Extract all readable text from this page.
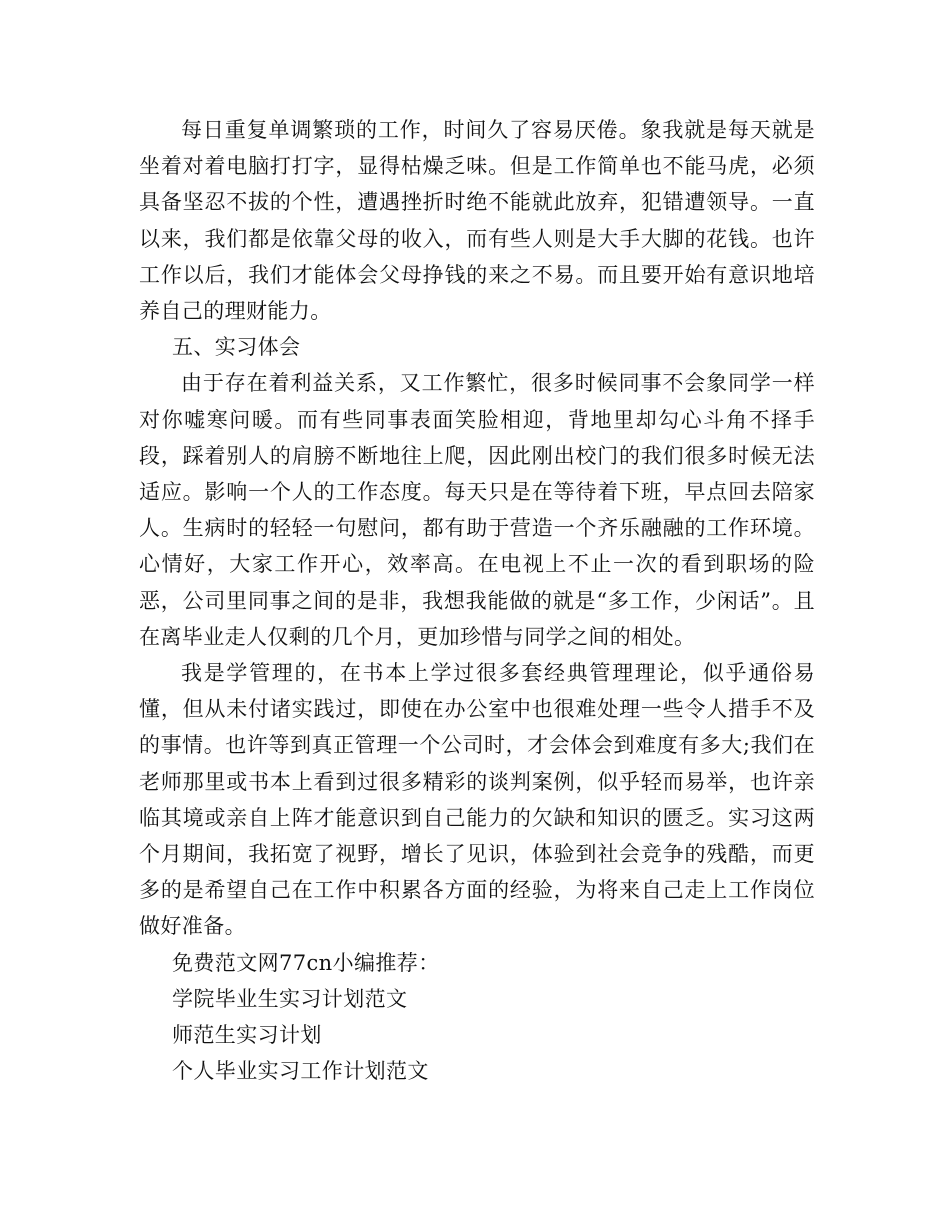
每日重复单调繁琐的工作，时间久了容易厌倦。象我就是每天就是坐着对着电脑打打字，显得枯燥乏味。但是工作简单也不能马虎，必须具备坚忍不拔的个性，遭遇挫折时绝不能就此放弃，犯错遭领导。一直以来，我们都是依靠父母的收入，而有些人则是大手大脚的花钱。也许工作以后，我们才能体会父母挣钱的来之不易。而且要开始有意识地培养自己的理财能力。

五、实习体会

由于存在着利益关系，又工作繁忙，很多时候同事不会象同学一样对你嘘寒问暖。而有些同事表面笑脸相迎，背地里却勾心斗角不择手段，踩着别人的肩膀不断地往上爬，因此刚出校门的我们很多时候无法适应。影响一个人的工作态度。每天只是在等待着下班，早点回去陪家人。生病时的轻轻一句慰问，都有助于营造一个齐乐融融的工作环境。心情好，大家工作开心，效率高。在电视上不止一次的看到职场的险恶，公司里同事之间的是非，我想我能做的就是“多工作，少闲话”。且在离毕业走人仅剩的几个月，更加珍惜与同学之间的相处。

我是学管理的，在书本上学过很多套经典管理理论，似乎通俗易懂，但从未付诸实践过，即使在办公室中也很难处理一些令人措手不及的事情。也许等到真正管理一个公司时，才会体会到难度有多大;我们在老师那里或书本上看到过很多精彩的谈判案例，似乎轻而易举，也许亲临其境或亲自上阵才能意识到自己能力的欠缺和知识的匮乏。实习这两个月期间，我拓宽了视野，增长了见识，体验到社会竞争的残酷，而更多的是希望自己在工作中积累各方面的经验，为将来自己走上工作岗位做好准备。

免费范文网77cn小编推荐：

学院毕业生实习计划范文

师范生实习计划

个人毕业实习工作计划范文
